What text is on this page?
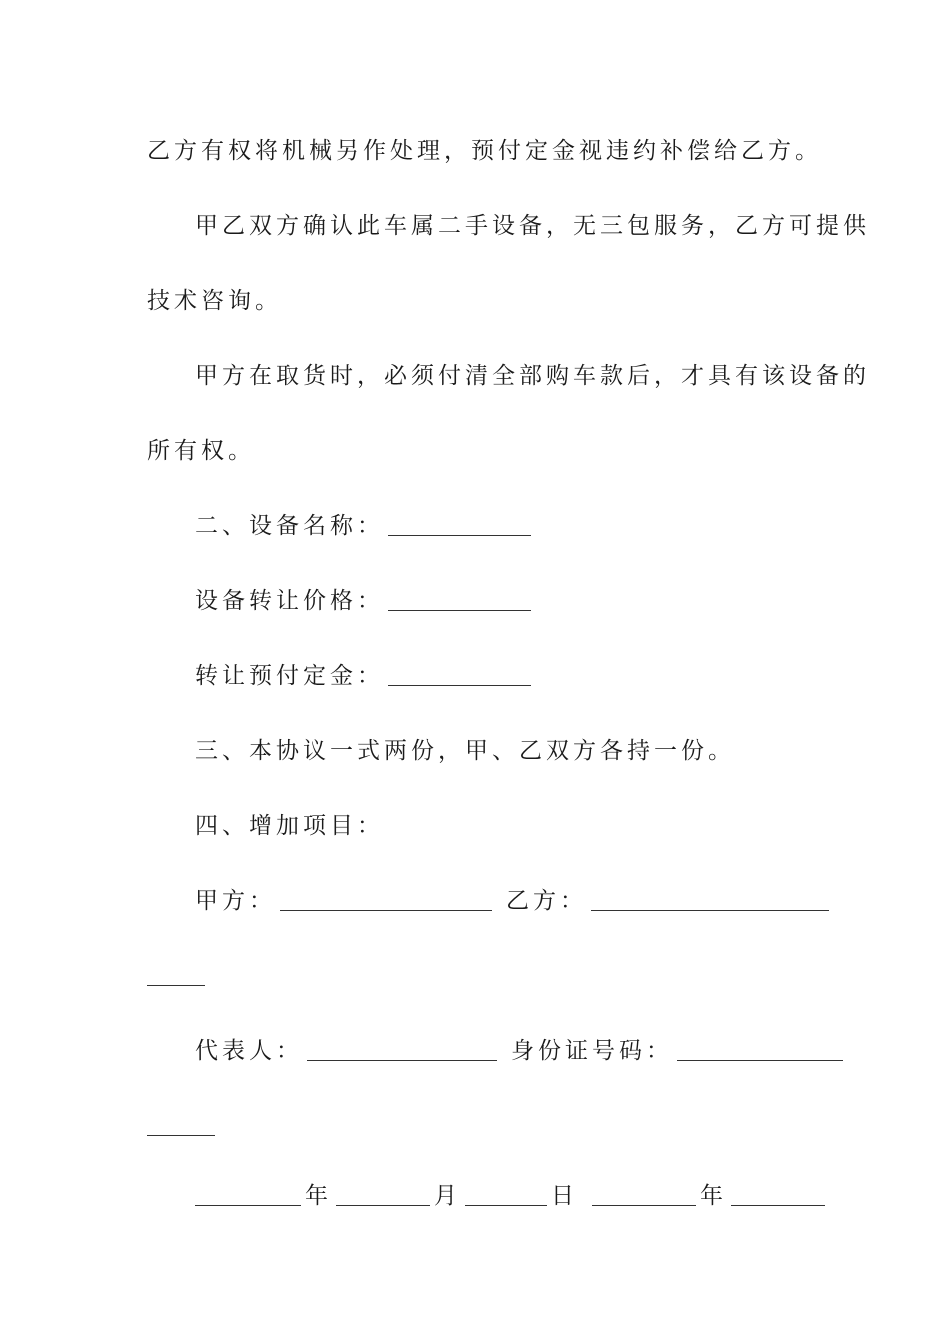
乙方有权将机械另作处理，预付定金视违约补偿给乙方。
甲乙双方确认此车属二手设备，无三包服务，乙方可提供
技术咨询。
甲方在取货时，必须付清全部购车款后，才具有该设备的
所有权。
二、设备名称：
设备转让价格：
转让预付定金：
三、本协议一式两份，甲、乙双方各持一份。
四、增加项目：
甲方：	乙方：
代表人：	身份证号码：
年	月	日	年
